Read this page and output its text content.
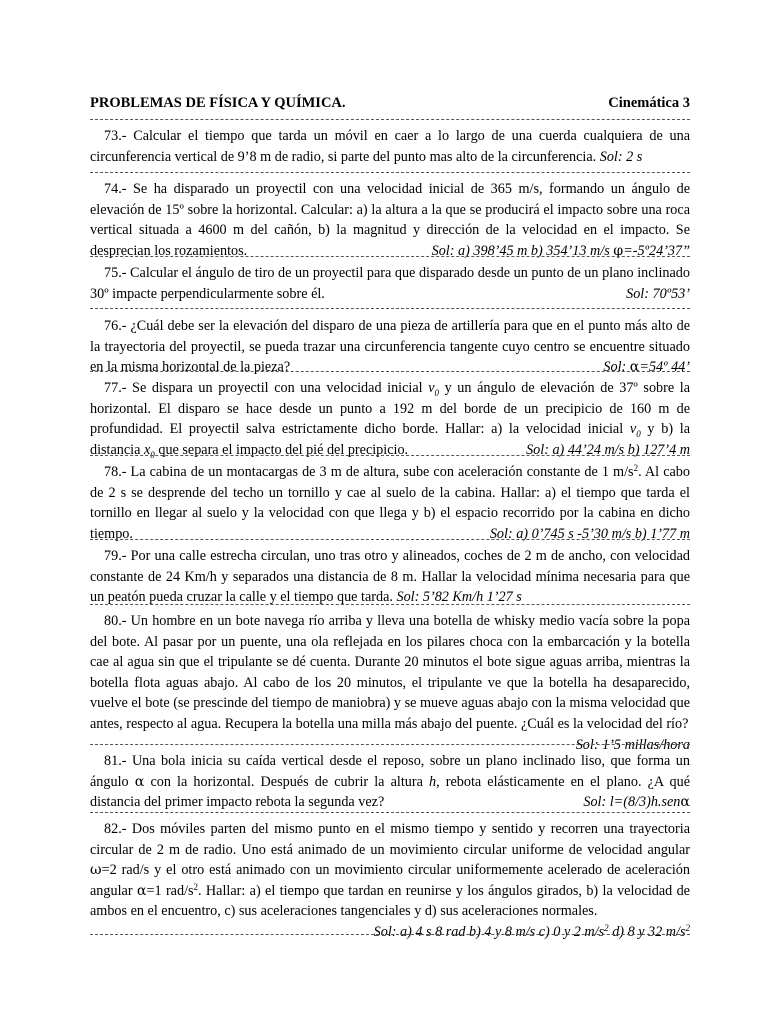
PROBLEMAS DE FÍSICA Y QUÍMICA.	Cinemática 3
73.- Calcular el tiempo que tarda un móvil en caer a lo largo de una cuerda cualquiera de una circunferencia vertical de 9’8 m de radio, si parte del punto mas alto de la circunferencia. Sol: 2 s
74.- Se ha disparado un proyectil con una velocidad inicial de 365 m/s, formando un ángulo de elevación de 15º sobre la horizontal. Calcular: a) la altura a la que se producirá el impacto sobre una roca vertical situada a 4600 m del cañón, b) la magnitud y dirección de la velocidad en el impacto. Se desprecian los rozamientos.	Sol: a) 398’45 m b) 354’13 m/s φ=-5º24’37”
75.- Calcular el ángulo de tiro de un proyectil para que disparado desde un punto de un plano inclinado 30º impacte perpendicularmente sobre él.	Sol: 70º53’
76.- ¿Cuál debe ser la elevación del disparo de una pieza de artillería para que en el punto más alto de la trayectoria del proyectil, se pueda trazar una circunferencia tangente cuyo centro se encuentre situado en la misma horizontal de la pieza?	Sol: α=54º 44’
77.- Se dispara un proyectil con una velocidad inicial $v_0$ y un ángulo de elevación de 37º sobre la horizontal. El disparo se hace desde un punto a 192 m del borde de un precipicio de 160 m de profundidad. El proyectil salva estrictamente dicho borde. Hallar: a) la velocidad inicial $v_0$ y b) la distancia $x_0$ que separa el impacto del pié del precipicio.	Sol: a) 44’24 m/s b) 127’4 m
78.- La cabina de un montacargas de 3 m de altura, sube con aceleración constante de 1 $m/s^2$. Al cabo de 2 s se desprende del techo un tornillo y cae al suelo de la cabina. Hallar: a) el tiempo que tarda el tornillo en llegar al suelo y la velocidad con que llega y b) el espacio recorrido por la cabina en dicho tiempo.	Sol: a) 0’745 s -5’30 m/s b) 1’77 m
79.- Por una calle estrecha circulan, uno tras otro y alineados, coches de 2 m de ancho, con velocidad constante de 24 Km/h y separados una distancia de 8 m. Hallar la velocidad mínima necesaria para que un peatón pueda cruzar la calle y el tiempo que tarda. Sol: 5’82 Km/h 1’27 s
80.- Un hombre en un bote navega río arriba y lleva una botella de whisky medio vacía sobre la popa del bote. Al pasar por un puente, una ola reflejada en los pilares choca con la embarcación y la botella cae al agua sin que el tripulante se dé cuenta. Durante 20 minutos el bote sigue aguas arriba, mientras la botella flota aguas abajo. Al cabo de los 20 minutos, el tripulante ve que la botella ha desaparecido, vuelve el bote (se prescinde del tiempo de maniobra) y se mueve aguas abajo con la misma velocidad que antes, respecto al agua. Recupera la botella una milla más abajo del puente. ¿Cuál es la velocidad del río?
Sol: 1’5 millas/hora
81.- Una bola inicia su caída vertical desde el reposo, sobre un plano inclinado liso, que forma un ángulo α con la horizontal. Después de cubrir la altura h, rebota elásticamente en el plano. ¿A qué distancia del primer impacto rebota la segunda vez?	Sol: l=(8/3)h.senα
82.- Dos móviles parten del mismo punto en el mismo tiempo y sentido y recorren una trayectoria circular de 2 m de radio. Uno está animado de un movimiento circular uniforme de velocidad angular ω=2 rad/s y el otro está animado con un movimiento circular uniformemente acelerado de aceleración angular α=1 rad/$s^2$. Hallar: a) el tiempo que tardan en reunirse y los ángulos girados, b) la velocidad de ambos en el encuentro, c) sus aceleraciones tangenciales y d) sus aceleraciones normales.
Sol: a) 4 s 8 rad b) 4 y 8 m/s c) 0 y 2 $m/s^2$ d) 8 y 32 $m/s^2$
